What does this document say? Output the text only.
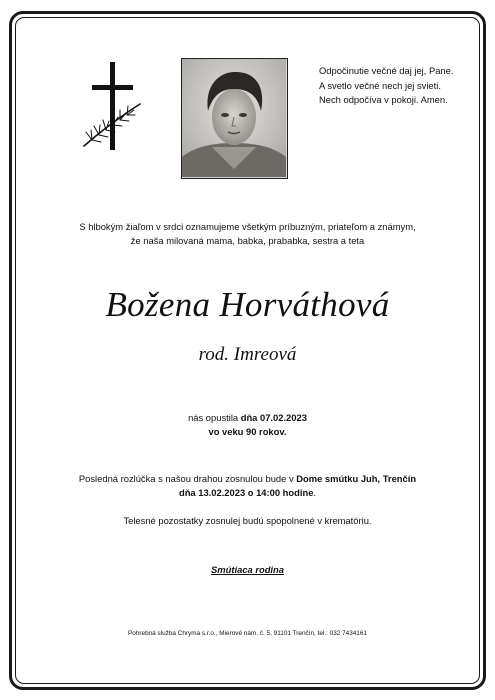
Odpočinutie večné daj jej, Pane.
A svetlo večné nech jej svieti.
Nech odpočíva v pokoji. Amen.
S hlbokým žiaľom v srdci oznamujeme všetkým príbuzným, priateľom a známym,
že naša milovaná mama, babka, prababka, sestra a teta
Božena Horváthová
rod. Imreová
nás opustila dňa 07.02.2023
vo veku 90 rokov.
Posledná rozlúčka s našou drahou zosnulou bude v Dome smútku Juh, Trenčín
dňa 13.02.2023 o 14:00 hodine.
Telesné pozostatky zosnulej budú spopolnené v krematóriu.
Smútiaca rodina
Pohrebná služba Chryma s.r.o., Mierové nám. č. 5, 91101 Trenčín, tel.: 032 7434161
